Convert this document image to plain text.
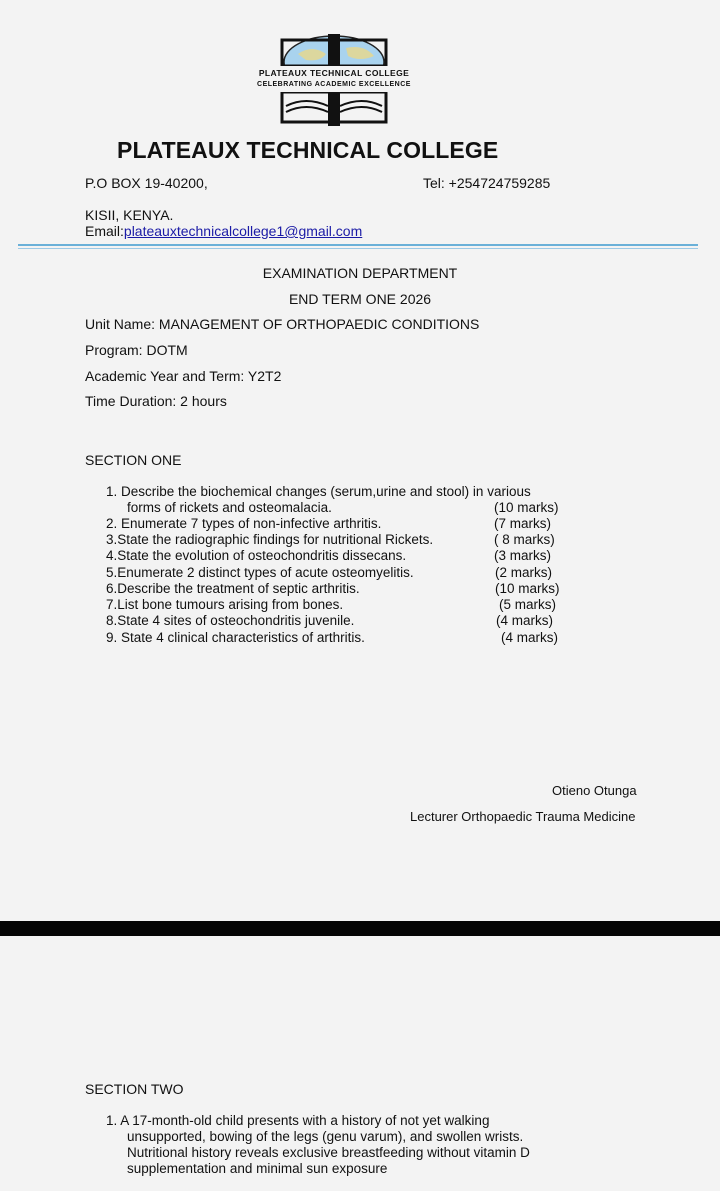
PLATEAUX TECHNICAL COLLEGE
CELEBRATING ACADEMIC EXCELLENCE
PLATEAUX TECHNICAL COLLEGE
P.O BOX 19-40200,	Tel: +254724759285
KISII, KENYA.
Email:plateauxtechnicalcollege1@gmail.com
EXAMINATION DEPARTMENT
END TERM ONE 2026
Unit Name: MANAGEMENT OF ORTHOPAEDIC CONDITIONS
Program: DOTM
Academic Year and Term: Y2T2
Time Duration: 2 hours
SECTION ONE
1. Describe the biochemical changes (serum,urine and stool) in various
forms of rickets and osteomalacia.	(10 marks)
2. Enumerate 7 types of non-infective arthritis.	(7 marks)
3.State the radiographic findings for nutritional Rickets.	( 8 marks)
4.State the evolution of osteochondritis dissecans.	(3 marks)
5.Enumerate 2 distinct types of acute osteomyelitis.	(2 marks)
6.Describe the treatment of septic arthritis.	(10 marks)
7.List bone tumours arising from bones.	(5 marks)
8.State 4 sites of osteochondritis juvenile.	(4 marks)
9. State 4 clinical characteristics of arthritis.	(4 marks)
Otieno Otunga
Lecturer Orthopaedic Trauma Medicine
SECTION TWO
1. A 17-month-old child presents with a history of not yet walking
unsupported, bowing of the legs (genu varum), and swollen wrists.
Nutritional history reveals exclusive breastfeeding without vitamin D
supplementation and minimal sun exposure
